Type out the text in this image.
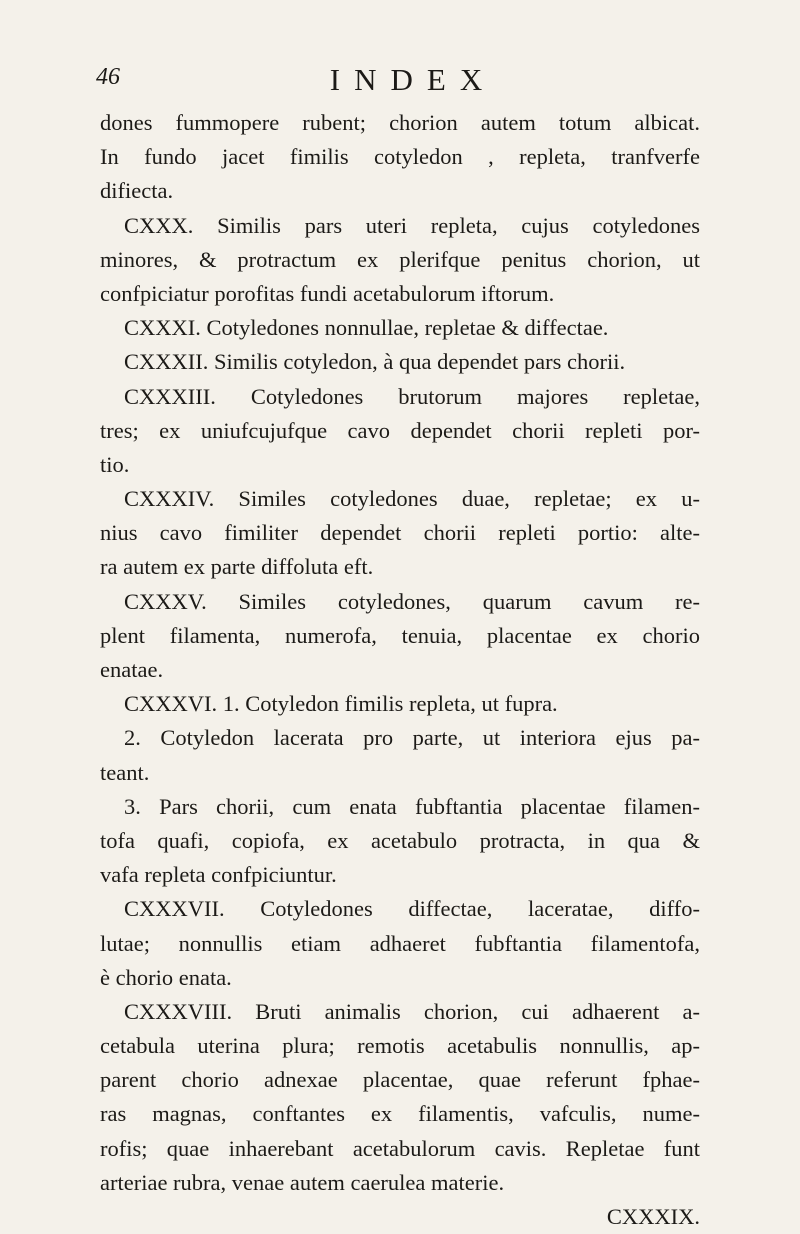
46	INDEX
dones fummopere rubent; chorion autem totum albicat.
In fundo jacet fimilis cotyledon , repleta, tranfverfe
difiecta.
CXXX. Similis pars uteri repleta, cujus cotyledones
minores, & protractum ex plerifque penitus chorion, ut
confpiciatur porofitas fundi acetabulorum iftorum.
CXXXI. Cotyledones nonnullae, repletae & diffectae.
CXXXII. Similis cotyledon, à qua dependet pars chorii.
CXXXIII. Cotyledones brutorum majores repletae,
tres; ex uniufcujufque cavo dependet chorii repleti por-
tio.
CXXXIV. Similes cotyledones duae, repletae; ex u-
nius cavo fimiliter dependet chorii repleti portio: alte-
ra autem ex parte diffoluta eft.
CXXXV. Similes cotyledones, quarum cavum re-
plent filamenta, numerofa, tenuia, placentae ex chorio
enatae.
CXXXVI. 1. Cotyledon fimilis repleta, ut fupra.
2. Cotyledon lacerata pro parte, ut interiora ejus pa-
teant.
3. Pars chorii, cum enata fubftantia placentae filamen-
tofa quafi, copiofa, ex acetabulo protracta, in qua &
vafa repleta confpiciuntur.
CXXXVII. Cotyledones diffectae, laceratae, diffo-
lutae; nonnullis etiam adhaeret fubftantia filamentofa,
è chorio enata.
CXXXVIII. Bruti animalis chorion, cui adhaerent a-
cetabula uterina plura; remotis acetabulis nonnullis, ap-
parent chorio adnexae placentae, quae referunt fphae-
ras magnas, conftantes ex filamentis, vafculis, nume-
rofis; quae inhaerebant acetabulorum cavis. Repletae funt
arteriae rubra, venae autem caerulea materie.
CXXXIX.
